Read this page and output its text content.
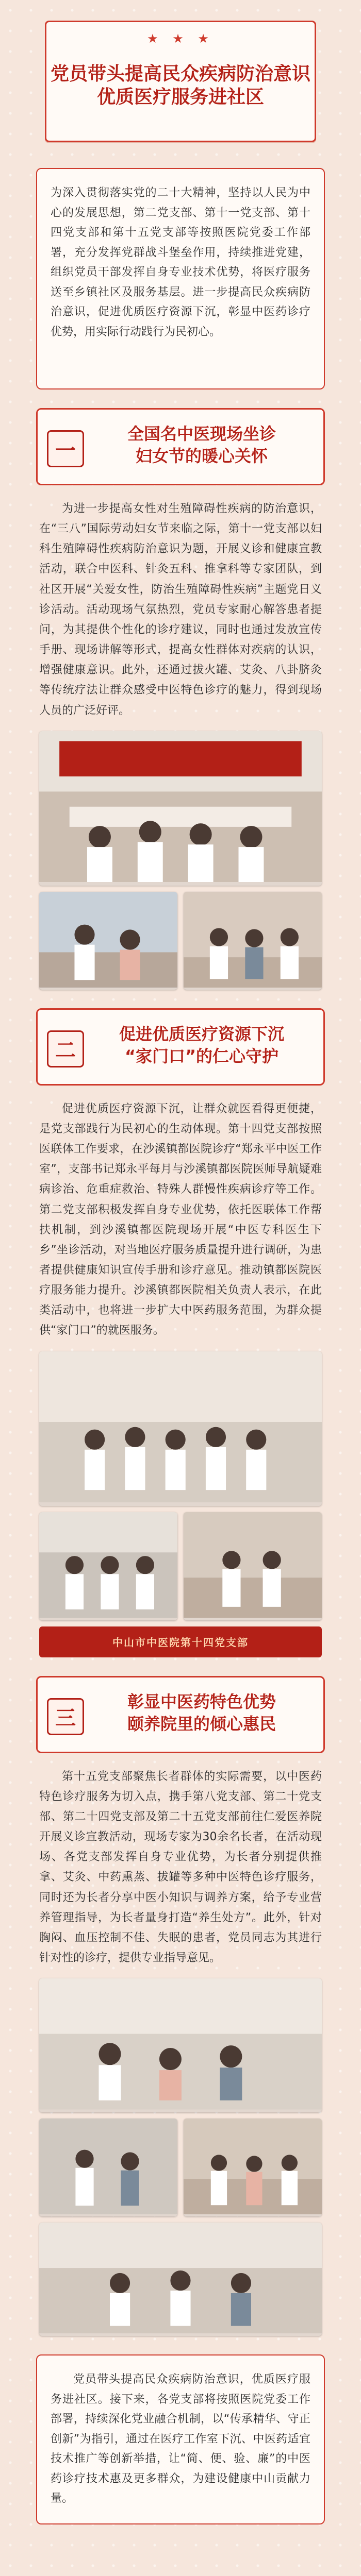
★ ★ ★
党员带头提高民众疾病防治意识
优质医疗服务进社区
为深入贯彻落实党的二十大精神，坚持以人民为中心的发展思想，第二党支部、第十一党支部、第十四党支部和第十五党支部等按照医院党委工作部署，充分发挥党群战斗堡垒作用，持续推进党建，组织党员干部发挥自身专业技术优势，将医疗服务送至乡镇社区及服务基层。进一步提高民众疾病防治意识，促进优质医疗资源下沉，彰显中医药诊疗优势，用实际行动践行为民初心。
一
全国名中医现场坐诊
妇女节的暖心关怀

为进一步提高女性对生殖障碍性疾病的防治意识，在“三八”国际劳动妇女节来临之际，第十一党支部以妇科生殖障碍性疾病防治意识为题，开展义诊和健康宣教活动，联合中医科、针灸五科、推拿科等专家团队，到社区开展“关爱女性，防治生殖障碍性疾病”主题党日义诊活动。活动现场气氛热烈，党员专家耐心解答患者提问，为其提供个性化的诊疗建议，同时也通过发放宣传手册、现场讲解等形式，提高女性群体对疾病的认识，增强健康意识。此外，还通过拔火罐、艾灸、八卦脐灸等传统疗法让群众感受中医特色诊疗的魅力，得到现场人员的广泛好评。

二
促进优质医疗资源下沉
“家门口”的仁心守护

促进优质医疗资源下沉，让群众就医看得更便捷，是党支部践行为民初心的生动体现。第十四党支部按照医联体工作要求，在沙溪镇都医院诊疗“郑永平中医工作室”，支部书记郑永平每月与沙溪镇都医院医师导航疑难病诊治、危重症救治、特殊人群慢性疾病诊疗等工作。第二党支部积极发挥自身专业优势，依托医联体工作帮扶机制，到沙溪镇都医院现场开展“中医专科医生下乡”坐诊活动，对当地医疗服务质量提升进行调研，为患者提供健康知识宣传手册和诊疗意见。推动镇都医院医疗服务能力提升。沙溪镇都医院相关负责人表示，在此类活动中，也将进一步扩大中医药服务范围，为群众提供“家门口”的就医服务。

中山市中医院第十四党支部
三
彰显中医药特色优势
颐养院里的倾心惠民

第十五党支部聚焦长者群体的实际需要，以中医药特色诊疗服务为切入点，携手第八党支部、第二十党支部、第二十四党支部及第二十五党支部前往仁爱医养院开展义诊宣教活动，现场专家为30余名长者，在活动现场、各党支部发挥自身专业优势，为长者分别提供推拿、艾灸、中药熏蒸、拔罐等多种中医特色诊疗服务，同时还为长者分享中医小知识与调养方案，给予专业营养管理指导，为长者量身打造“养生处方”。此外，针对胸闷、血压控制不佳、失眠的患者，党员同志为其进行针对性的诊疗，提供专业指导意见。

党员带头提高民众疾病防治意识，优质医疗服务进社区。接下来，各党支部将按照医院党委工作部署，持续深化党业融合机制，以“传承精华、守正创新”为指引，通过在医疗工作室下沉、中医药适宜技术推广等创新举措，让“简、便、验、廉”的中医药诊疗技术惠及更多群众，为建设健康中山贡献力量。
